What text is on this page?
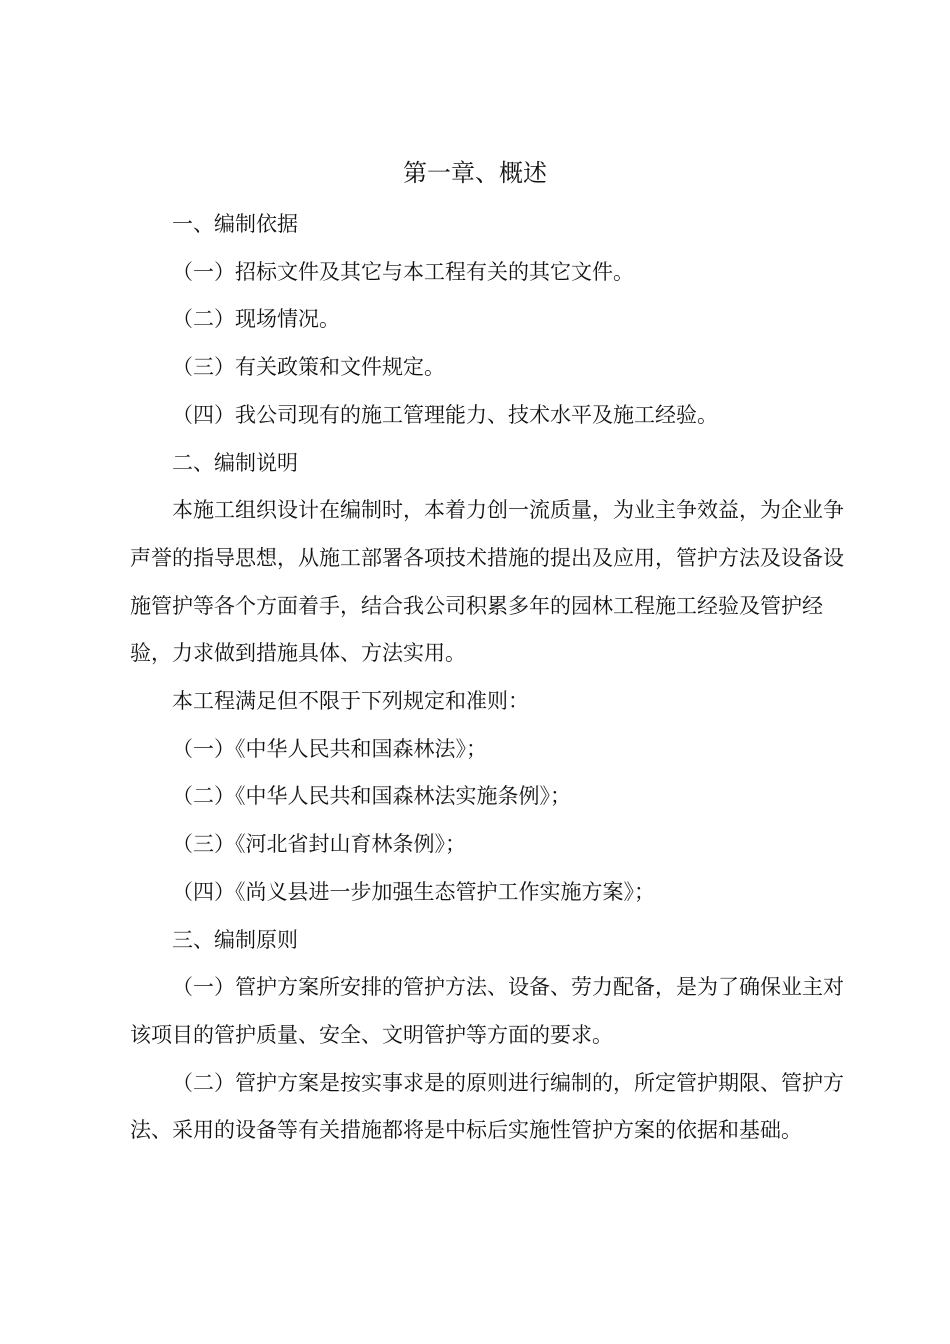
第一章、概述

一、编制依据

（一）招标文件及其它与本工程有关的其它文件。

（二）现场情况。

（三）有关政策和文件规定。

（四）我公司现有的施工管理能力、技术水平及施工经验。

二、编制说明

本施工组织设计在编制时，本着力创一流质量，为业主争效益，为企业争声誉的指导思想，从施工部署各项技术措施的提出及应用，管护方法及设备设施管护等各个方面着手，结合我公司积累多年的园林工程施工经验及管护经验，力求做到措施具体、方法实用。

本工程满足但不限于下列规定和准则：

（一）《中华人民共和国森林法》；

（二）《中华人民共和国森林法实施条例》；

（三）《河北省封山育林条例》；

（四）《尚义县进一步加强生态管护工作实施方案》；

三、编制原则

（一）管护方案所安排的管护方法、设备、劳力配备，是为了确保业主对该项目的管护质量、安全、文明管护等方面的要求。

（二）管护方案是按实事求是的原则进行编制的，所定管护期限、管护方法、采用的设备等有关措施都将是中标后实施性管护方案的依据和基础。
